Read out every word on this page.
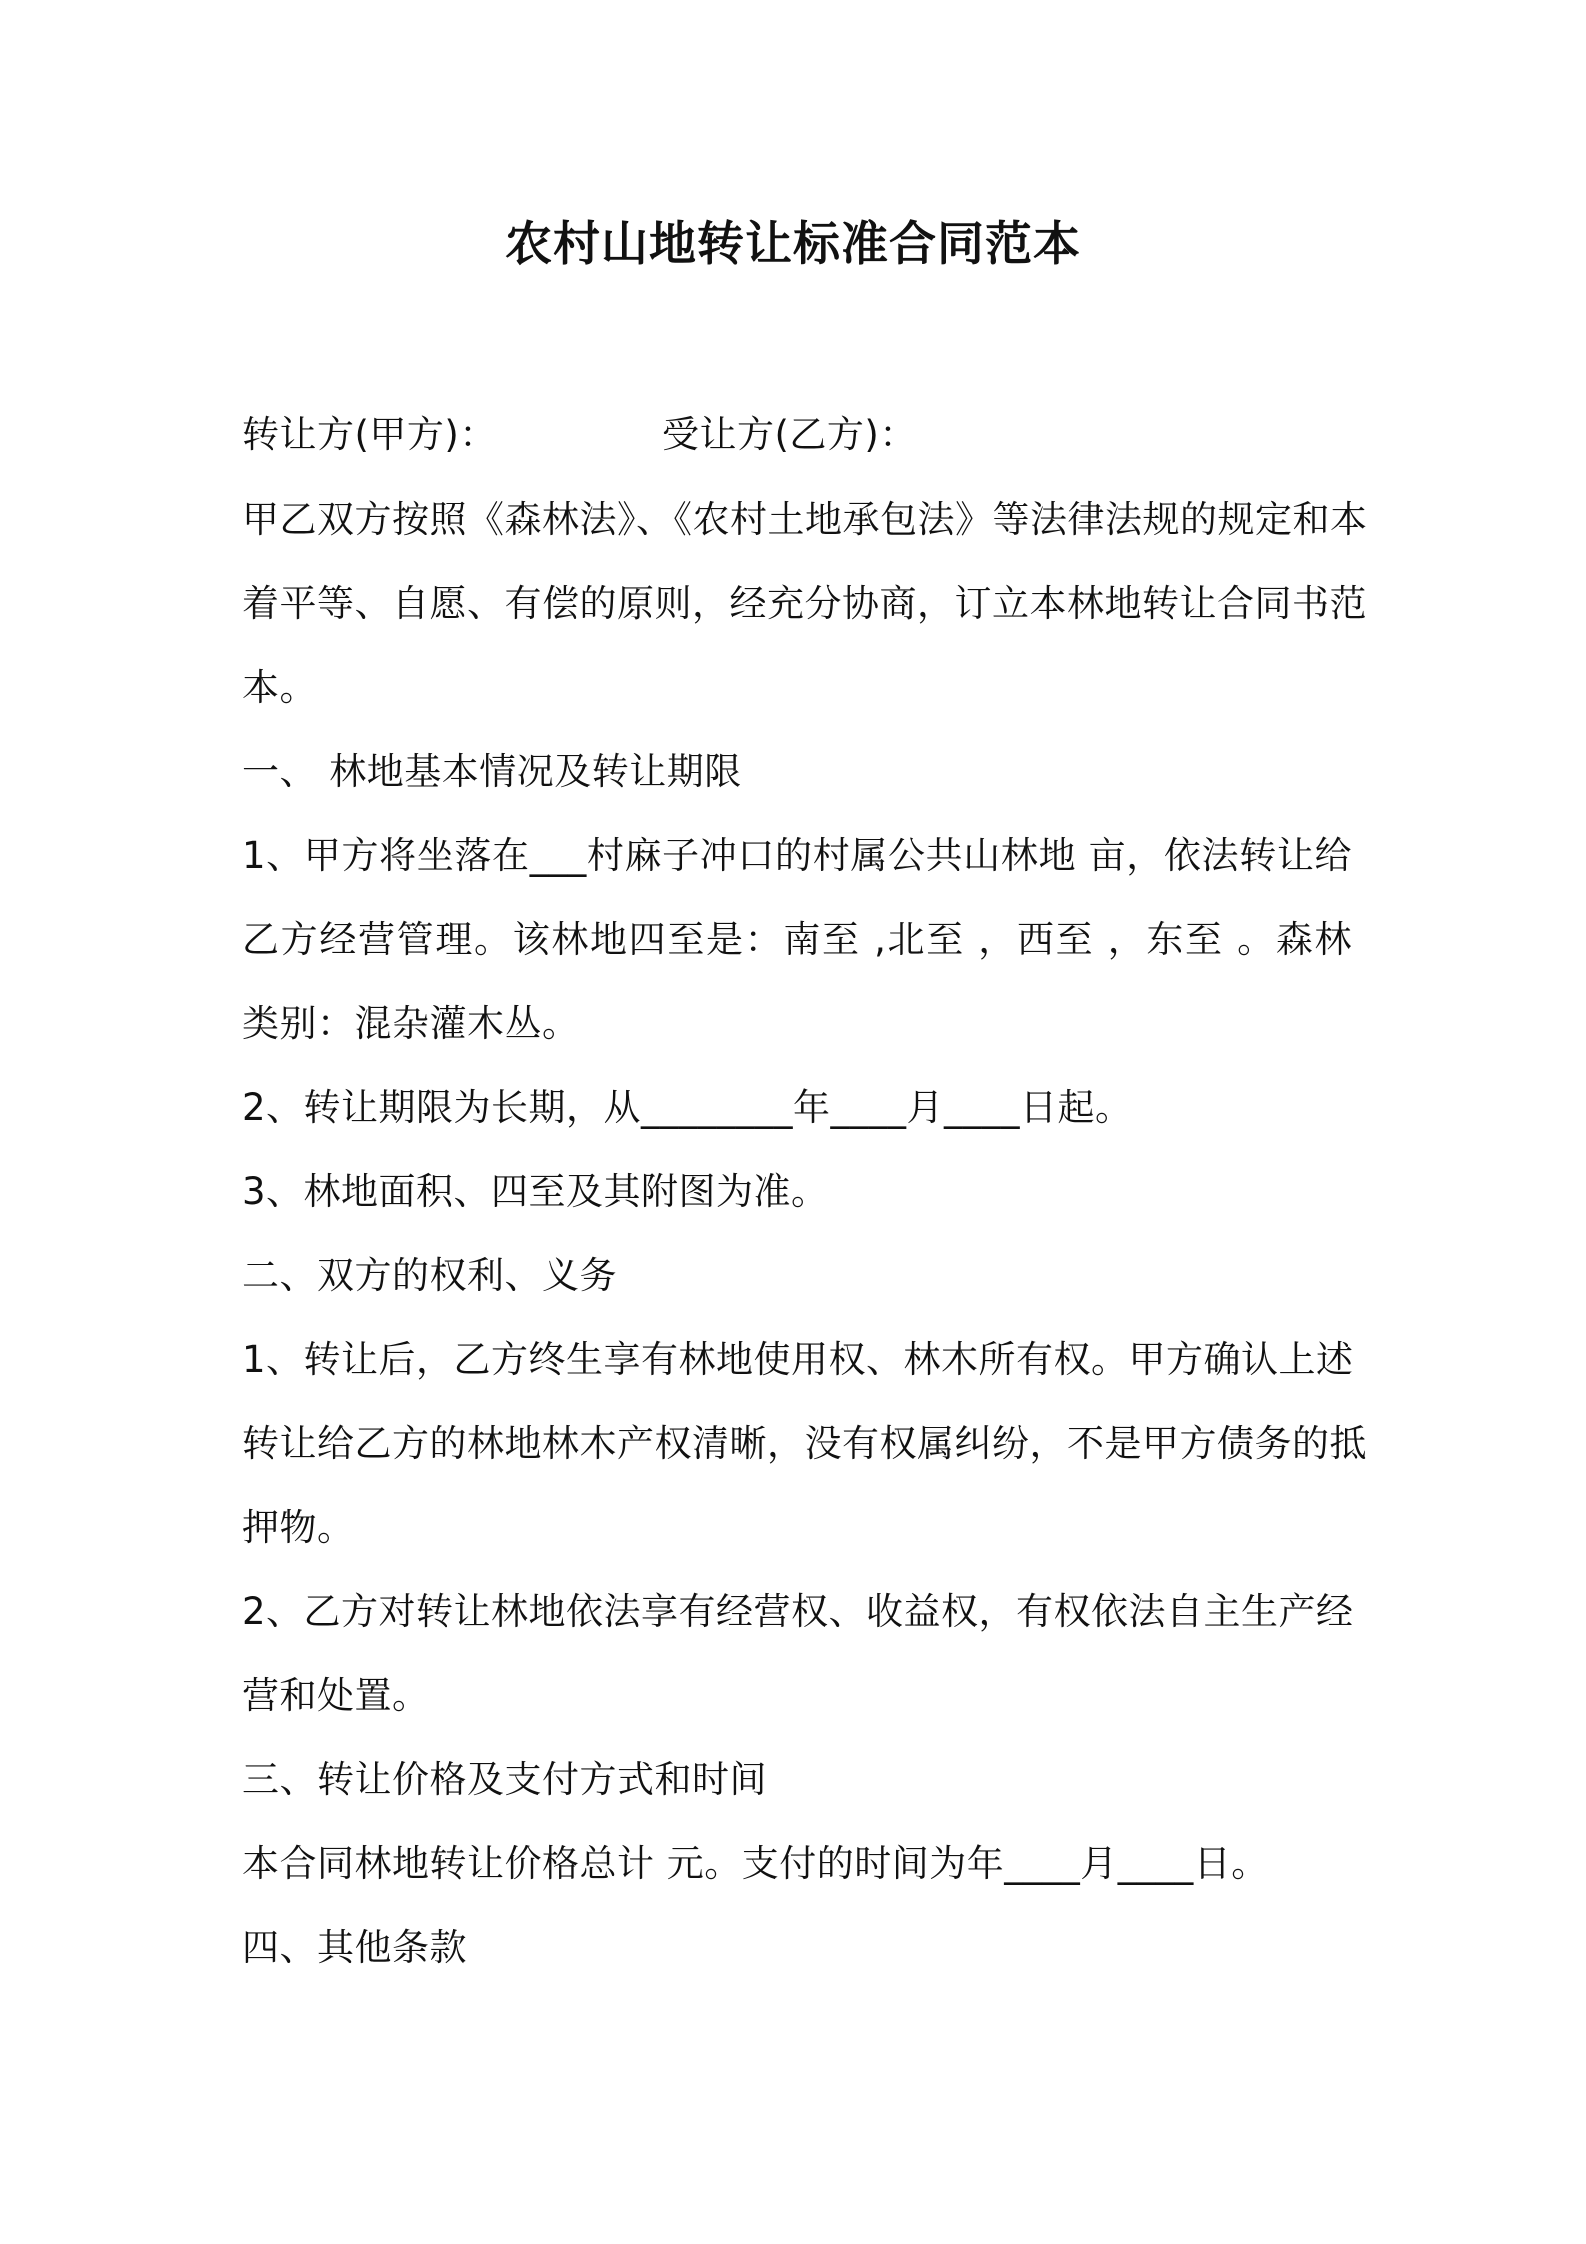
农村山地转让标准合同范本
转让方(甲方)：	受让方(乙方)：
甲乙双方按照《森林法》、《农村土地承包法》等法律法规的规定和本
着平等、自愿、有偿的原则，经充分协商，订立本林地转让合同书范
本。
一、 林地基本情况及转让期限
1、甲方将坐落在___村麻子冲口的村属公共山林地 亩，依法转让给
乙方经营管理。该林地四至是：南至 ,北至 ，西至 ，东至 。森林
类别：混杂灌木丛。
2、转让期限为长期，从________年____月____日起。
3、林地面积、四至及其附图为准。
二、双方的权利、义务
1、转让后，乙方终生享有林地使用权、林木所有权。甲方确认上述
转让给乙方的林地林木产权清晰，没有权属纠纷，不是甲方债务的抵
押物。
2、乙方对转让林地依法享有经营权、收益权，有权依法自主生产经
营和处置。
三、转让价格及支付方式和时间
本合同林地转让价格总计 元。支付的时间为年____月____日。
四、其他条款
